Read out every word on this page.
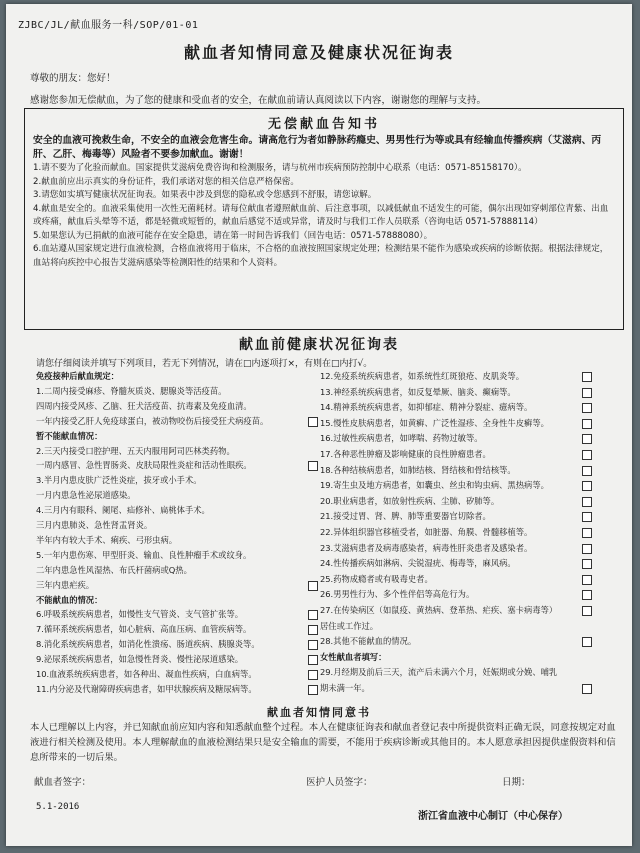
ZJBC/JL/献血服务一科/SOP/01-01
献血者知情同意及健康状况征询表
尊敬的朋友：您好！
感谢您参加无偿献血，为了您的健康和受血者的安全，在献血前请认真阅读以下内容，谢谢您的理解与支持。
无偿献血告知书
安全的血液可挽救生命，不安全的血液会危害生命。请高危行为者如静脉药瘾史、男男性行为等或具有经输血传播疾病（艾滋病、丙肝、乙肝、梅毒等）风险者不要参加献血。谢谢！
1.请不要为了化验而献血。国家提供艾滋病免费咨询和检测服务，请与杭州市疾病预防控制中心联系（电话：0571-85158170）。
2.献血前应出示真实的身份证件，我们承诺对您的相关信息严格保密。
3.请您如实填写健康状况征询表。如果表中涉及到您的隐私或令您感到不舒服，请您谅解。
4.献血是安全的。血液采集使用一次性无菌耗材。请每位献血者遵照献血前、后注意事项，以减低献血不适发生的可能，偶尔出现如穿刺部位青紫、出血或疼痛，献血后头晕等不适，都是轻微或短暂的，献血后感觉不适或异常，请及时与我们工作人员联系（咨询电话 0571-57888114）
5.如果您认为已捐献的血液可能存在安全隐患，请在第一时间告诉我们（回告电话：0571-57888080）。
6.血站遵从国家规定进行血液检测，合格血液将用于临床，不合格的血液按照国家规定处理；检测结果不能作为感染或疾病的诊断依据。根据法律规定，血站将向疾控中心报告艾滋病感染等检测阳性的结果和个人资料。
献血前健康状况征询表
请您仔细阅读并填写下列项目，若无下列情况，请在□内逐项打×，有则在□内打√。
免疫接种后献血规定：
1.二周内接受麻疹、脊髓灰质炎、腮腺炎等活疫苗。
四周内接受风疹、乙脑、狂犬活疫苗、抗毒素及免疫血清。
一年内接受乙肝人免疫球蛋白，被动物咬伤后接受狂犬病疫苗。
暂不能献血情况：
2.三天内接受口腔护理、五天内服用阿司匹林类药物。
一周内感冒、急性胃肠炎、皮肤局限性炎症和活动性眼疾。
3.半月内患皮肤广泛性炎症，拔牙或小手术。
一月内患急性泌尿道感染。
4.三月内有眼科、阑尾、疝修补、扁桃体手术。
三月内患肺炎、急性肾盂肾炎。
半年内有较大手术、痢疾、弓形虫病。
5.一年内患伤寒、甲型肝炎、输血、良性肿瘤手术或纹身。
二年内患急性风湿热、布氏杆菌病或Q热。
三年内患疟疾。
不能献血的情况：
6.呼吸系统疾病患者，如慢性支气管炎、支气管扩张等。
7.循环系统疾病患者，如心脏病、高血压病、血管疾病等。
8.消化系统疾病患者，如消化性溃疡、肠道疾病、胰腺炎等。
9.泌尿系统疾病患者，如急慢性肾炎、慢性泌尿道感染。
10.血液系统疾病患者，如各种出、凝血性疾病，白血病等。
11.内分泌及代谢障碍疾病患者，如甲状腺疾病及糖尿病等。
12.免疫系统疾病患者，如系统性红斑狼疮、皮肌炎等。
13.神经系统疾病患者，如反复晕厥、脑炎、癫痫等。
14.精神系统疾病患者，如抑郁症、精神分裂症、癔病等。
15.慢性皮肤病患者，如黄癣、广泛性湿疹、全身性牛皮癣等。
16.过敏性疾病患者，如哮喘、药物过敏等。
17.各种恶性肿瘤及影响健康的良性肿瘤患者。
18.各种结核病患者，如肺结核、肾结核和骨结核等。
19.寄生虫及地方病患者，如囊虫、丝虫和钩虫病、黑热病等。
20.职业病患者，如放射性疾病、尘肺、矽肺等。
21.接受过胃、肾、脾、肺等重要器官切除者。
22.异体组织器官移植受者，如脏器、角膜、骨髓移植等。
23.艾滋病患者及病毒感染者，病毒性肝炎患者及感染者。
24.性传播疾病如淋病、尖锐湿疣、梅毒等，麻风病。
25.药物成瘾者或有吸毒史者。
26.男男性行为、多个性伴侣等高危行为。
27.在传染病区（如鼠疫、黄热病、登革热、疟疾、塞卡病毒等）
居住或工作过。
28.其他不能献血的情况。
女性献血者填写：
29.月经期及前后三天，流产后未满六个月，妊娠期或分娩、哺乳
期未满一年。
献血者知情同意书
本人已理解以上内容，并已知献血前应知内容和知悉献血整个过程。本人在健康征询表和献血者登记表中所提供资料正确无误，同意按规定对血液进行相关检测及使用。本人理解献血的血液检测结果只是安全输血的需要，不能用于疾病诊断或其他目的。本人愿意承担因提供虚假资料和信息所带来的一切后果。
献血者签字：	医护人员签字：	日期：
5.1-2016
浙江省血液中心制订（中心保存）
